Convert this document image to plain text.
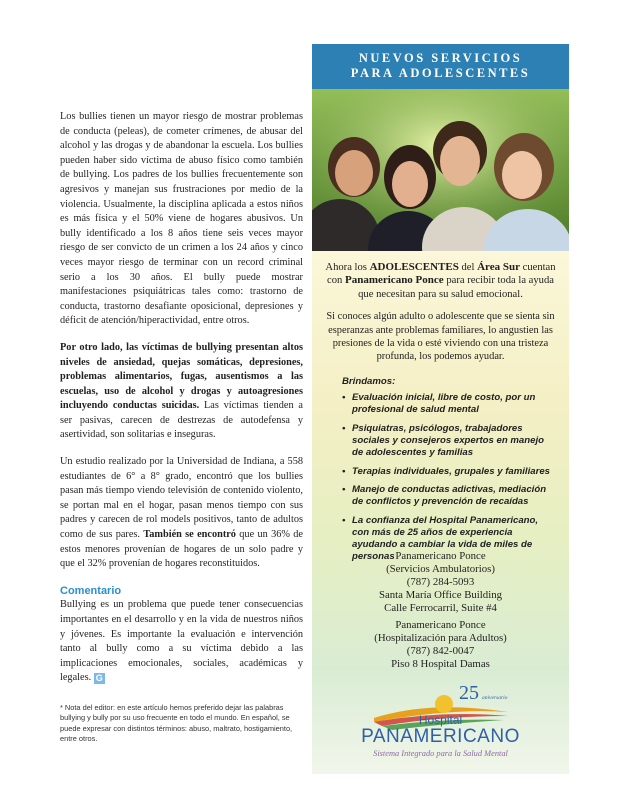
Los bullies tienen un mayor riesgo de mostrar problemas de conducta (peleas), de cometer crímenes, de abusar del alcohol y las drogas y de abandonar la escuela. Los bullies pueden haber sido víctima de abuso físico como también de bullying. Los padres de los bullies frecuentemente son agresivos y manejan sus frustraciones por medio de la violencia. Usualmente, la disciplina aplicada a estos niños es más física y el 50% viene de hogares abusivos. Un bully identificado a los 8 años tiene seis veces mayor riesgo de ser convicto de un crimen a los 24 años y cinco veces mayor riesgo de terminar con un record criminal serio a los 30 años. El bully puede mostrar manifestaciones psiquiátricas tales como: trastorno de conducta, trastorno desafiante oposicional, depresiones y déficit de atención/hiperactividad, entre otros.

Por otro lado, las víctimas de bullying presentan altos niveles de ansiedad, quejas somáticas, depresiones, problemas alimentarios, fugas, ausentismos a las escuelas, uso de alcohol y drogas y autoagresiones incluyendo conductas suicidas. Las víctimas tienden a ser pasivas, carecen de destrezas de autodefensa y asertividad, son solitarias e inseguras.

Un estudio realizado por la Universidad de Indiana, a 558 estudiantes de 6° a 8° grado, encontró que los bullies pasan más tiempo viendo televisión de contenido violento, se portan mal en el hogar, pasan menos tiempo con sus padres y carecen de rol models positivos, tanto de adultos como de sus pares. También se encontró que un 36% de estos menores provenían de hogares de un solo padre y que el 32% provenían de hogares reconstituidos.

Comentario

Bullying es un problema que puede tener consecuencias importantes en el desarrollo y en la vida de nuestros niños y jóvenes. Es importante la evaluación e intervención tanto al bully como a su víctima debido a las implicaciones emocionales, sociales, académicas y legales. G

* Nota del editor: en este artículo hemos preferido dejar las palabras bullying y bully por su uso frecuente en todo el mundo. En español, se puede expresar con distintos términos: abuso, maltrato, hostigamiento, entre otros.
NUEVOS SERVICIOS
PARA ADOLESCENTES

Ahora los ADOLESCENTES del Área Sur cuentan con Panamericano Ponce para recibir toda la ayuda que necesitan para su salud emocional.

Si conoces algún adulto o adolescente que se sienta sin esperanzas ante problemas familiares, lo angustien las presiones de la vida o esté viviendo con una tristeza profunda, los podemos ayudar.

Brindamos:
• Evaluación inicial, libre de costo, por un profesional de salud mental
• Psiquiatras, psicólogos, trabajadores sociales y consejeros expertos en manejo de adolescentes y familias
• Terapias individuales, grupales y familiares
• Manejo de conductas adictivas, mediación de conflictos y prevención de recaídas
• La confianza del Hospital Panamericano, con más de 25 años de experiencia ayudando a cambiar la vida de miles de personas Panamericano Ponce
(Servicios Ambulatorios)
(787) 284-5093
Santa María Office Building
Calle Ferrocarril, Suite #4
Panamericano Ponce
(Hospitalización para Adultos)
(787) 842-0047
Piso 8 Hospital Damas
25 aniversario
Hospital
PANAMERICANO
Sistema Integrado para la Salud Mental
